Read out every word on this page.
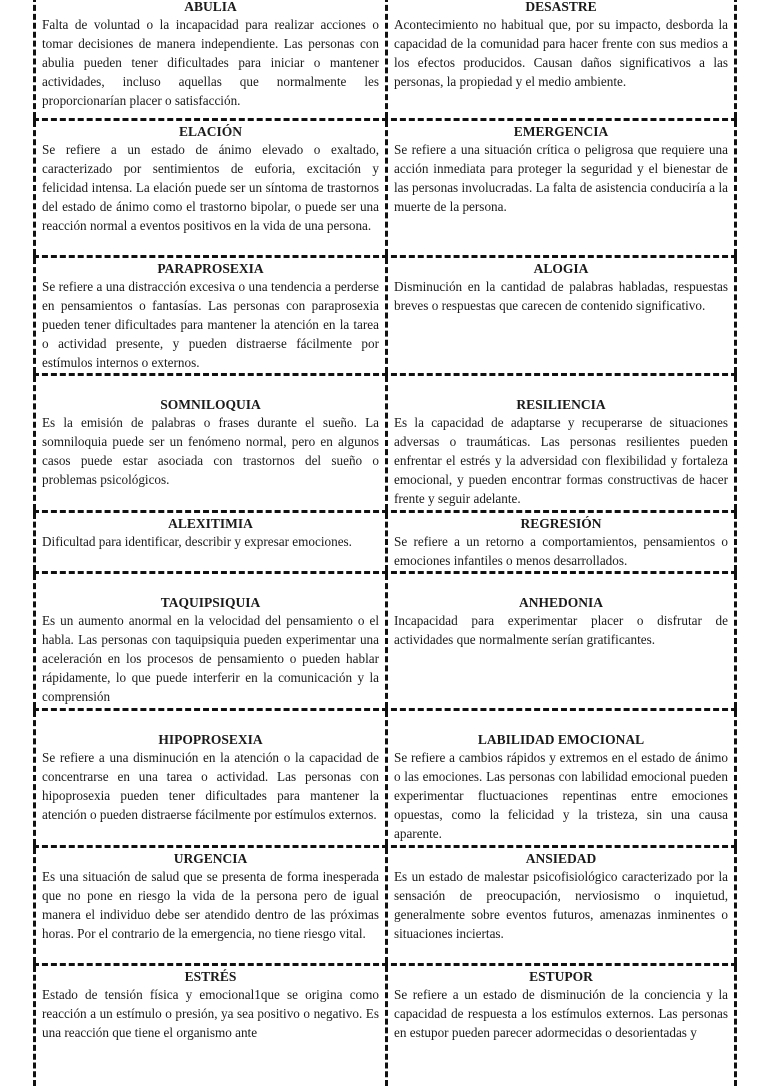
ABULIA

Falta de voluntad o la incapacidad para realizar acciones o tomar decisiones de manera independiente. Las personas con abulia pueden tener dificultades para iniciar o mantener actividades, incluso aquellas que normalmente les proporcionarían placer o satisfacción.

DESASTRE

Acontecimiento no habitual que, por su impacto, desborda la capacidad de la comunidad para hacer frente con sus medios a los efectos producidos. Causan daños significativos a las personas, la propiedad y el medio ambiente.

ELACIÓN

Se refiere a un estado de ánimo elevado o exaltado, caracterizado por sentimientos de euforia, excitación y felicidad intensa. La elación puede ser un síntoma de trastornos del estado de ánimo como el trastorno bipolar, o puede ser una reacción normal a eventos positivos en la vida de una persona.

EMERGENCIA

Se refiere a una situación crítica o peligrosa que requiere una acción inmediata para proteger la seguridad y el bienestar de las personas involucradas. La falta de asistencia conduciría a la muerte de la persona.

PARAPROSEXIA

Se refiere a una distracción excesiva o una tendencia a perderse en pensamientos o fantasías. Las personas con paraprosexia pueden tener dificultades para mantener la atención en la tarea o actividad presente, y pueden distraerse fácilmente por estímulos internos o externos.

ALOGIA

Disminución en la cantidad de palabras habladas, respuestas breves o respuestas que carecen de contenido significativo.

SOMNILOQUIA

Es la emisión de palabras o frases durante el sueño. La somniloquia puede ser un fenómeno normal, pero en algunos casos puede estar asociada con trastornos del sueño o problemas psicológicos.

RESILIENCIA

Es la capacidad de adaptarse y recuperarse de situaciones adversas o traumáticas. Las personas resilientes pueden enfrentar el estrés y la adversidad con flexibilidad y fortaleza emocional, y pueden encontrar formas constructivas de hacer frente y seguir adelante.

ALEXITIMIA

Dificultad para identificar, describir y expresar emociones.

REGRESIÓN

Se refiere a un retorno a comportamientos, pensamientos o emociones infantiles o menos desarrollados.

TAQUIPSIQUIA

Es un aumento anormal en la velocidad del pensamiento o el habla. Las personas con taquipsiquia pueden experimentar una aceleración en los procesos de pensamiento o pueden hablar rápidamente, lo que puede interferir en la comunicación y la comprensión

ANHEDONIA

Incapacidad para experimentar placer o disfrutar de actividades que normalmente serían gratificantes.

HIPOPROSEXIA

Se refiere a una disminución en la atención o la capacidad de concentrarse en una tarea o actividad. Las personas con hipoprosexia pueden tener dificultades para mantener la atención o pueden distraerse fácilmente por estímulos externos.

LABILIDAD EMOCIONAL

Se refiere a cambios rápidos y extremos en el estado de ánimo o las emociones. Las personas con labilidad emocional pueden experimentar fluctuaciones repentinas entre emociones opuestas, como la felicidad y la tristeza, sin una causa aparente.

URGENCIA

Es una situación de salud que se presenta de forma inesperada que no pone en riesgo la vida de la persona pero de igual manera el individuo debe ser atendido dentro de las próximas horas. Por el contrario de la emergencia, no tiene riesgo vital.

ANSIEDAD

Es un estado de malestar psicofisiológico caracterizado por la sensación de preocupación, nerviosismo o inquietud, generalmente sobre eventos futuros, amenazas inminentes o situaciones inciertas.

ESTRÉS

Estado de tensión física y emocional1que se origina como reacción a un estímulo o presión, ya sea positivo o negativo. Es una reacción que tiene el organismo ante

ESTUPOR

Se refiere a un estado de disminución de la conciencia y la capacidad de respuesta a los estímulos externos. Las personas en estupor pueden parecer adormecidas o desorientadas y
